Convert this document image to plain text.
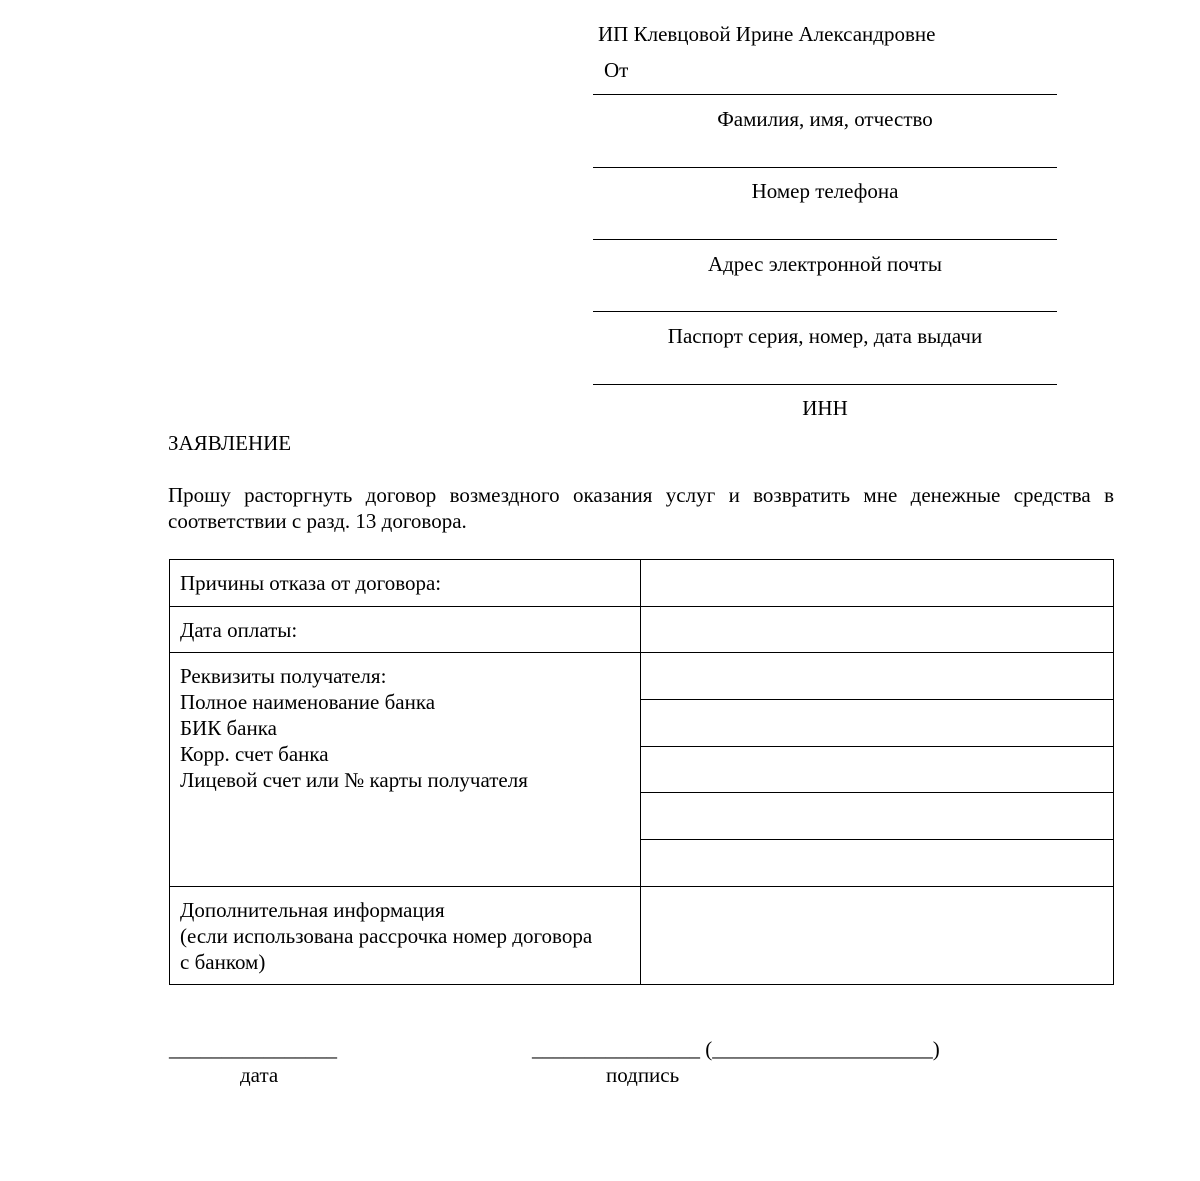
ИП Клевцовой Ирине Александровне
От
Фамилия, имя, отчество
Номер телефона
Адрес электронной почты
Паспорт серия, номер, дата выдачи
ИНН
ЗАЯВЛЕНИЕ
Прошу расторгнуть договор возмездного оказания услуг и возвратить мне денежные средства в соответствии с разд. 13 договора.
Причины отказа от договора:	
Дата оплаты:	

Реквизиты получателя:
Полное наименование банка
БИК банка
Корр. счет банка
Лицевой счет или № карты получателя

Дополнительная информация
(если использована рассрочка номер договора
с банком)

________________
дата
________________ (_____________________)
подпись
